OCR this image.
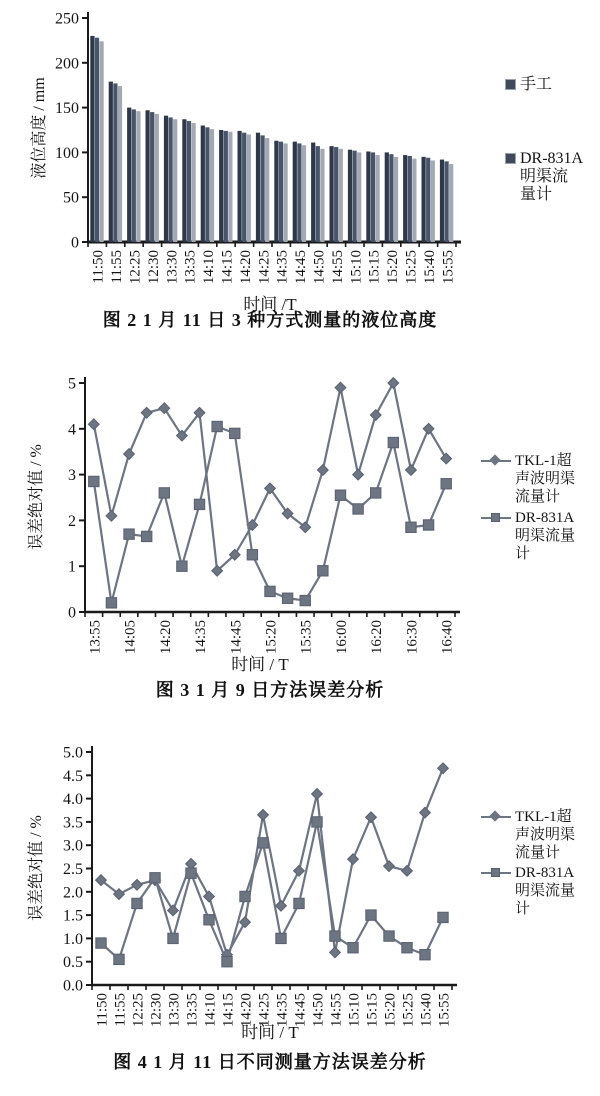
0
50
100
150
200
250
11:50 11:55 12:25 12:30 13:30 13:35 14:10 14:15 14:20 14:25 14:35 14:45 14:50 14:55 15:10 15:15 15:20 15:25 15:40 15:55
0
1
2
3
4
5
13:55 14:05 14:20 14:35 14:45 15:20 15:35 16:00 16:20 16:30 16:40
0.0
0.5
1.0
1.5
2.0
2.5
3.0
3.5
4.0
4.5
5.0
11:50 11:55 12:25 12:30 13:30 13:35 14:10 14:15 14:20 14:25 14:35 14:45 14:50 14:55 15:10 15:15 15:20 15:25 15:40 15:55
液位高度 / mm
误差绝对值 / %
误差绝对值 / %
时间 /T
时间 / T
时间 / T
图 2 1 月 11 日 3 种方式测量的液位高度
图 3 1 月 9 日方法误差分析
图 4 1 月 11 日不同测量方法误差分析
手工
DR-831A
明渠流
量计
TKL-1超
声波明渠
流量计
DR-831A
明渠流量
计
TKL-1超
声波明渠
流量计
DR-831A
明渠流量
计
